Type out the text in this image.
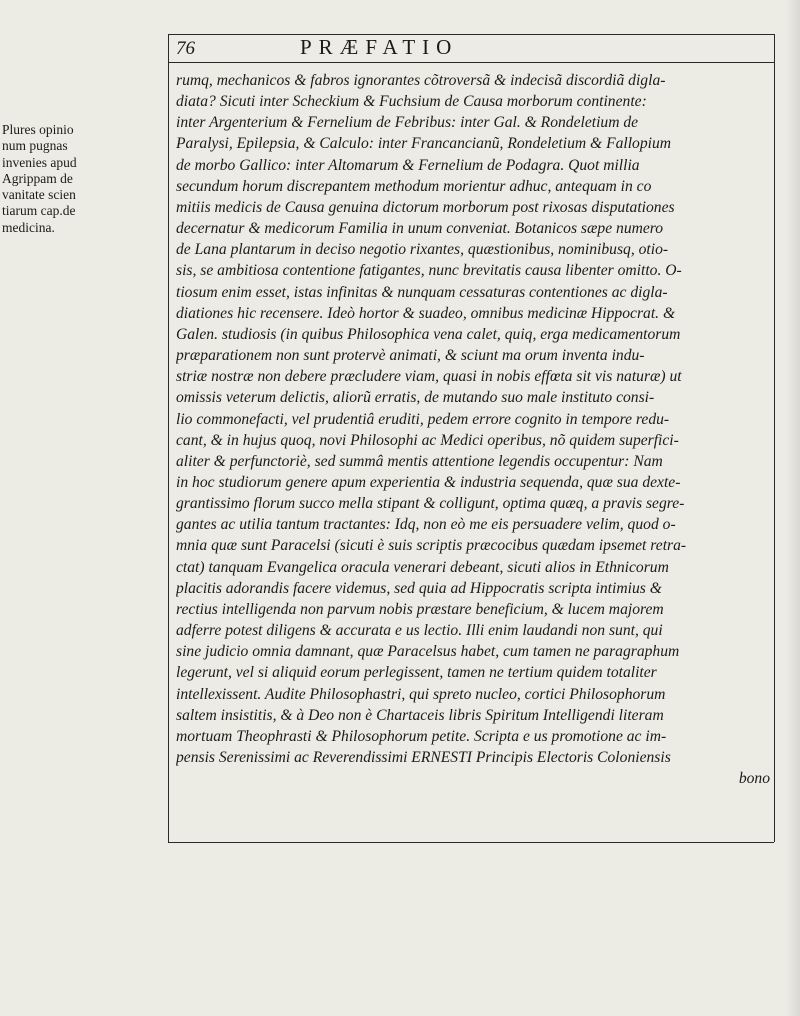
76	PRÆFATIO
Plures opinio
num pugnas
invenies apud
Agrippam de
vanitate scien
tiarum cap.de
medicina.
rumq, mechanicos & fabros ignorantes cõtroversã & indecisã discordiã digla-
diata? Sicuti inter Scheckium & Fuchsium de Causa morborum continente:
inter Argenterium & Fernelium de Febribus: inter Gal. & Rondeletium de
Paralysi, Epilepsia, & Calculo: inter Francancianũ, Rondeletium & Fallopium
de morbo Gallico: inter Altomarum & Fernelium de Podagra. Quot millia
secundum horum discrepantem methodum morientur adhuc, antequam in co
mitiis medicis de Causa genuina dictorum morborum post rixosas disputationes
decernatur & medicorum Familia in unum conveniat. Botanicos sæpe numero
de Lana plantarum in deciso negotio rixantes, quæstionibus, nominibusq, otio-
sis, se ambitiosa contentione fatigantes, nunc brevitatis causa libenter omitto. O-
tiosum enim esset, istas infinitas & nunquam cessaturas contentiones ac digla-
diationes hic recensere. Ideò hortor & suadeo, omnibus medicinæ Hippocrat. &
Galen. studiosis (in quibus Philosophica vena calet, quiq, erga medicamentorum
præparationem non sunt protervè animati, & sciunt ma orum inventa indu-
striæ nostræ non debere præcludere viam, quasi in nobis effœta sit vis naturæ) ut
omissis veterum delictis, aliorũ erratis, de mutando suo male instituto consi-
lio commonefacti, vel prudentiâ eruditi, pedem errore cognito in tempore redu-
cant, & in hujus quoq, novi Philosophi ac Medici operibus, nõ quidem superfici-
aliter & perfunctoriè, sed summâ mentis attentione legendis occupentur: Nam
in hoc studiorum genere apum experientia & industria sequenda, quæ sua dexte-
grantissimo florum succo mella stipant & colligunt, optima quæq, a pravis segre-
gantes ac utilia tantum tractantes: Idq, non eò me eis persuadere velim, quod o-
mnia quæ sunt Paracelsi (sicuti è suis scriptis præcocibus quædam ipsemet retra-
ctat) tanquam Evangelica oracula venerari debeant, sicuti alios in Ethnicorum
placitis adorandis facere videmus, sed quia ad Hippocratis scripta intimius &
rectius intelligenda non parvum nobis præstare beneficium, & lucem majorem
adferre potest diligens & accurata e us lectio. Illi enim laudandi non sunt, qui
sine judicio omnia damnant, quæ Paracelsus habet, cum tamen ne paragraphum
legerunt, vel si aliquid eorum perlegissent, tamen ne tertium quidem totaliter
intellexissent. Audite Philosophastri, qui spreto nucleo, cortici Philosophorum
saltem insistitis, & à Deo non è Chartaceis libris Spiritum Intelligendi literam
mortuam Theophrasti & Philosophorum petite. Scripta e us promotione ac im-
pensis Serenissimi ac Reverendissimi ERNESTI Principis Electoris Coloniensis
bono
